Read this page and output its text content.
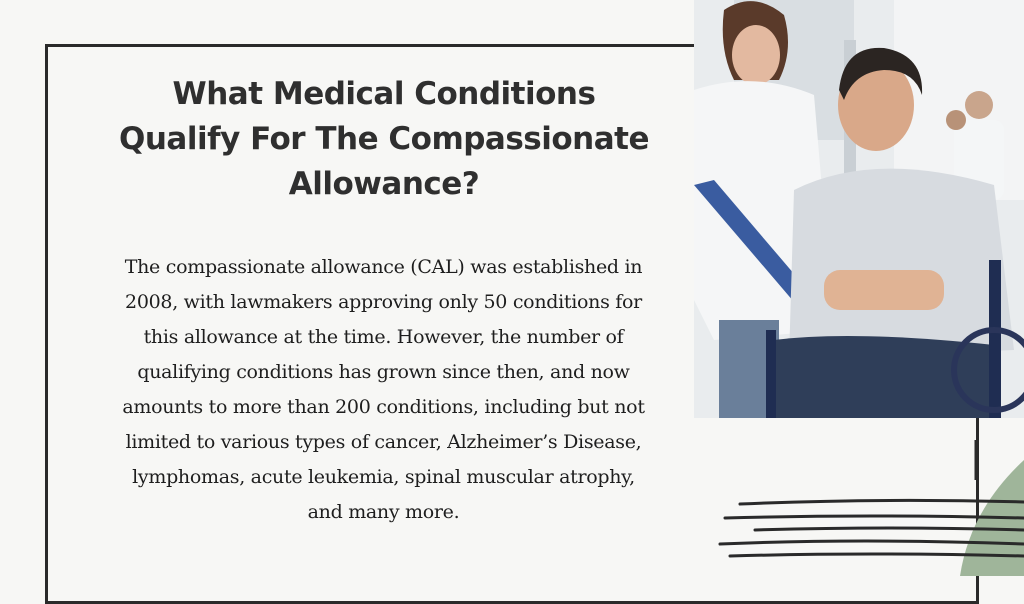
What Medical Conditions Qualify For The Compassionate Allowance?

The compassionate allowance (CAL) was established in 2008, with lawmakers approving only 50 conditions for this allowance at the time. However, the number of qualifying conditions has grown since then, and now amounts to more than 200 conditions, including but not limited to various types of cancer, Alzheimer’s Disease, lymphomas, acute leukemia, spinal muscular atrophy, and many more.
